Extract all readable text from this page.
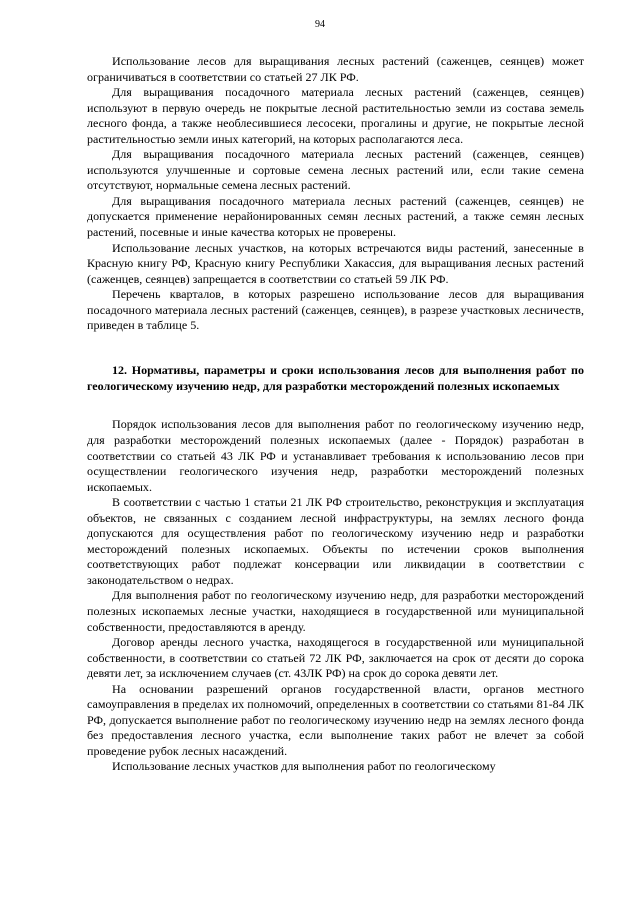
94

Использование лесов для выращивания лесных растений (саженцев, сеянцев) может ограничиваться в соответствии со статьей 27 ЛК РФ.

Для выращивания посадочного материала лесных растений (саженцев, сеянцев) используют в первую очередь не покрытые лесной растительностью земли из состава земель лесного фонда, а также необлесившиеся лесосеки, прогалины и другие, не покрытые лесной растительностью земли иных категорий, на которых располагаются леса.

Для выращивания посадочного материала лесных растений (саженцев, сеянцев) используются улучшенные и сортовые семена лесных растений или, если такие семена отсутствуют, нормальные семена лесных растений.

Для выращивания посадочного материала лесных растений (саженцев, сеянцев) не допускается применение нерайонированных семян лесных растений, а также семян лесных растений, посевные и иные качества которых не проверены.

Использование лесных участков, на которых встречаются виды растений, занесенные в Красную книгу РФ, Красную книгу Республики Хакассия, для выращивания лесных растений (саженцев, сеянцев) запрещается в соответствии со статьей 59 ЛК РФ.

Перечень кварталов, в которых разрешено использование лесов для выращивания посадочного материала лесных растений (саженцев, сеянцев), в разрезе участковых лесничеств, приведен в таблице 5.

12. Нормативы, параметры и сроки использования лесов для выполнения работ по геологическому изучению недр, для разработки месторождений полезных ископаемых

Порядок использования лесов для выполнения работ по геологическому изучению недр, для разработки месторождений полезных ископаемых (далее - Порядок) разработан в соответствии со статьей 43 ЛК РФ и устанавливает требования к использованию лесов при осуществлении геологического изучения недр, разработки месторождений полезных ископаемых.

В соответствии с частью 1 статьи 21 ЛК РФ строительство, реконструкция и эксплуатация объектов, не связанных с созданием лесной инфраструктуры, на землях лесного фонда допускаются для осуществления работ по геологическому изучению недр и разработки месторождений полезных ископаемых. Объекты по истечении сроков выполнения соответствующих работ подлежат консервации или ликвидации в соответствии с законодательством о недрах.

Для выполнения работ по геологическому изучению недр, для разработки месторождений полезных ископаемых лесные участки, находящиеся в государственной или муниципальной собственности, предоставляются в аренду.

Договор аренды лесного участка, находящегося в государственной или муниципальной собственности, в соответствии со статьей 72 ЛК РФ, заключается на срок от десяти до сорока девяти лет, за исключением случаев (ст. 43ЛК РФ) на срок до сорока девяти лет.

На основании разрешений органов государственной власти, органов местного самоуправления в пределах их полномочий, определенных в соответствии со статьями 81-84 ЛК РФ, допускается выполнение работ по геологическому изучению недр на землях лесного фонда без предоставления лесного участка, если выполнение таких работ не влечет за собой проведение рубок лесных насаждений.

Использование лесных участков для выполнения работ по геологическому
